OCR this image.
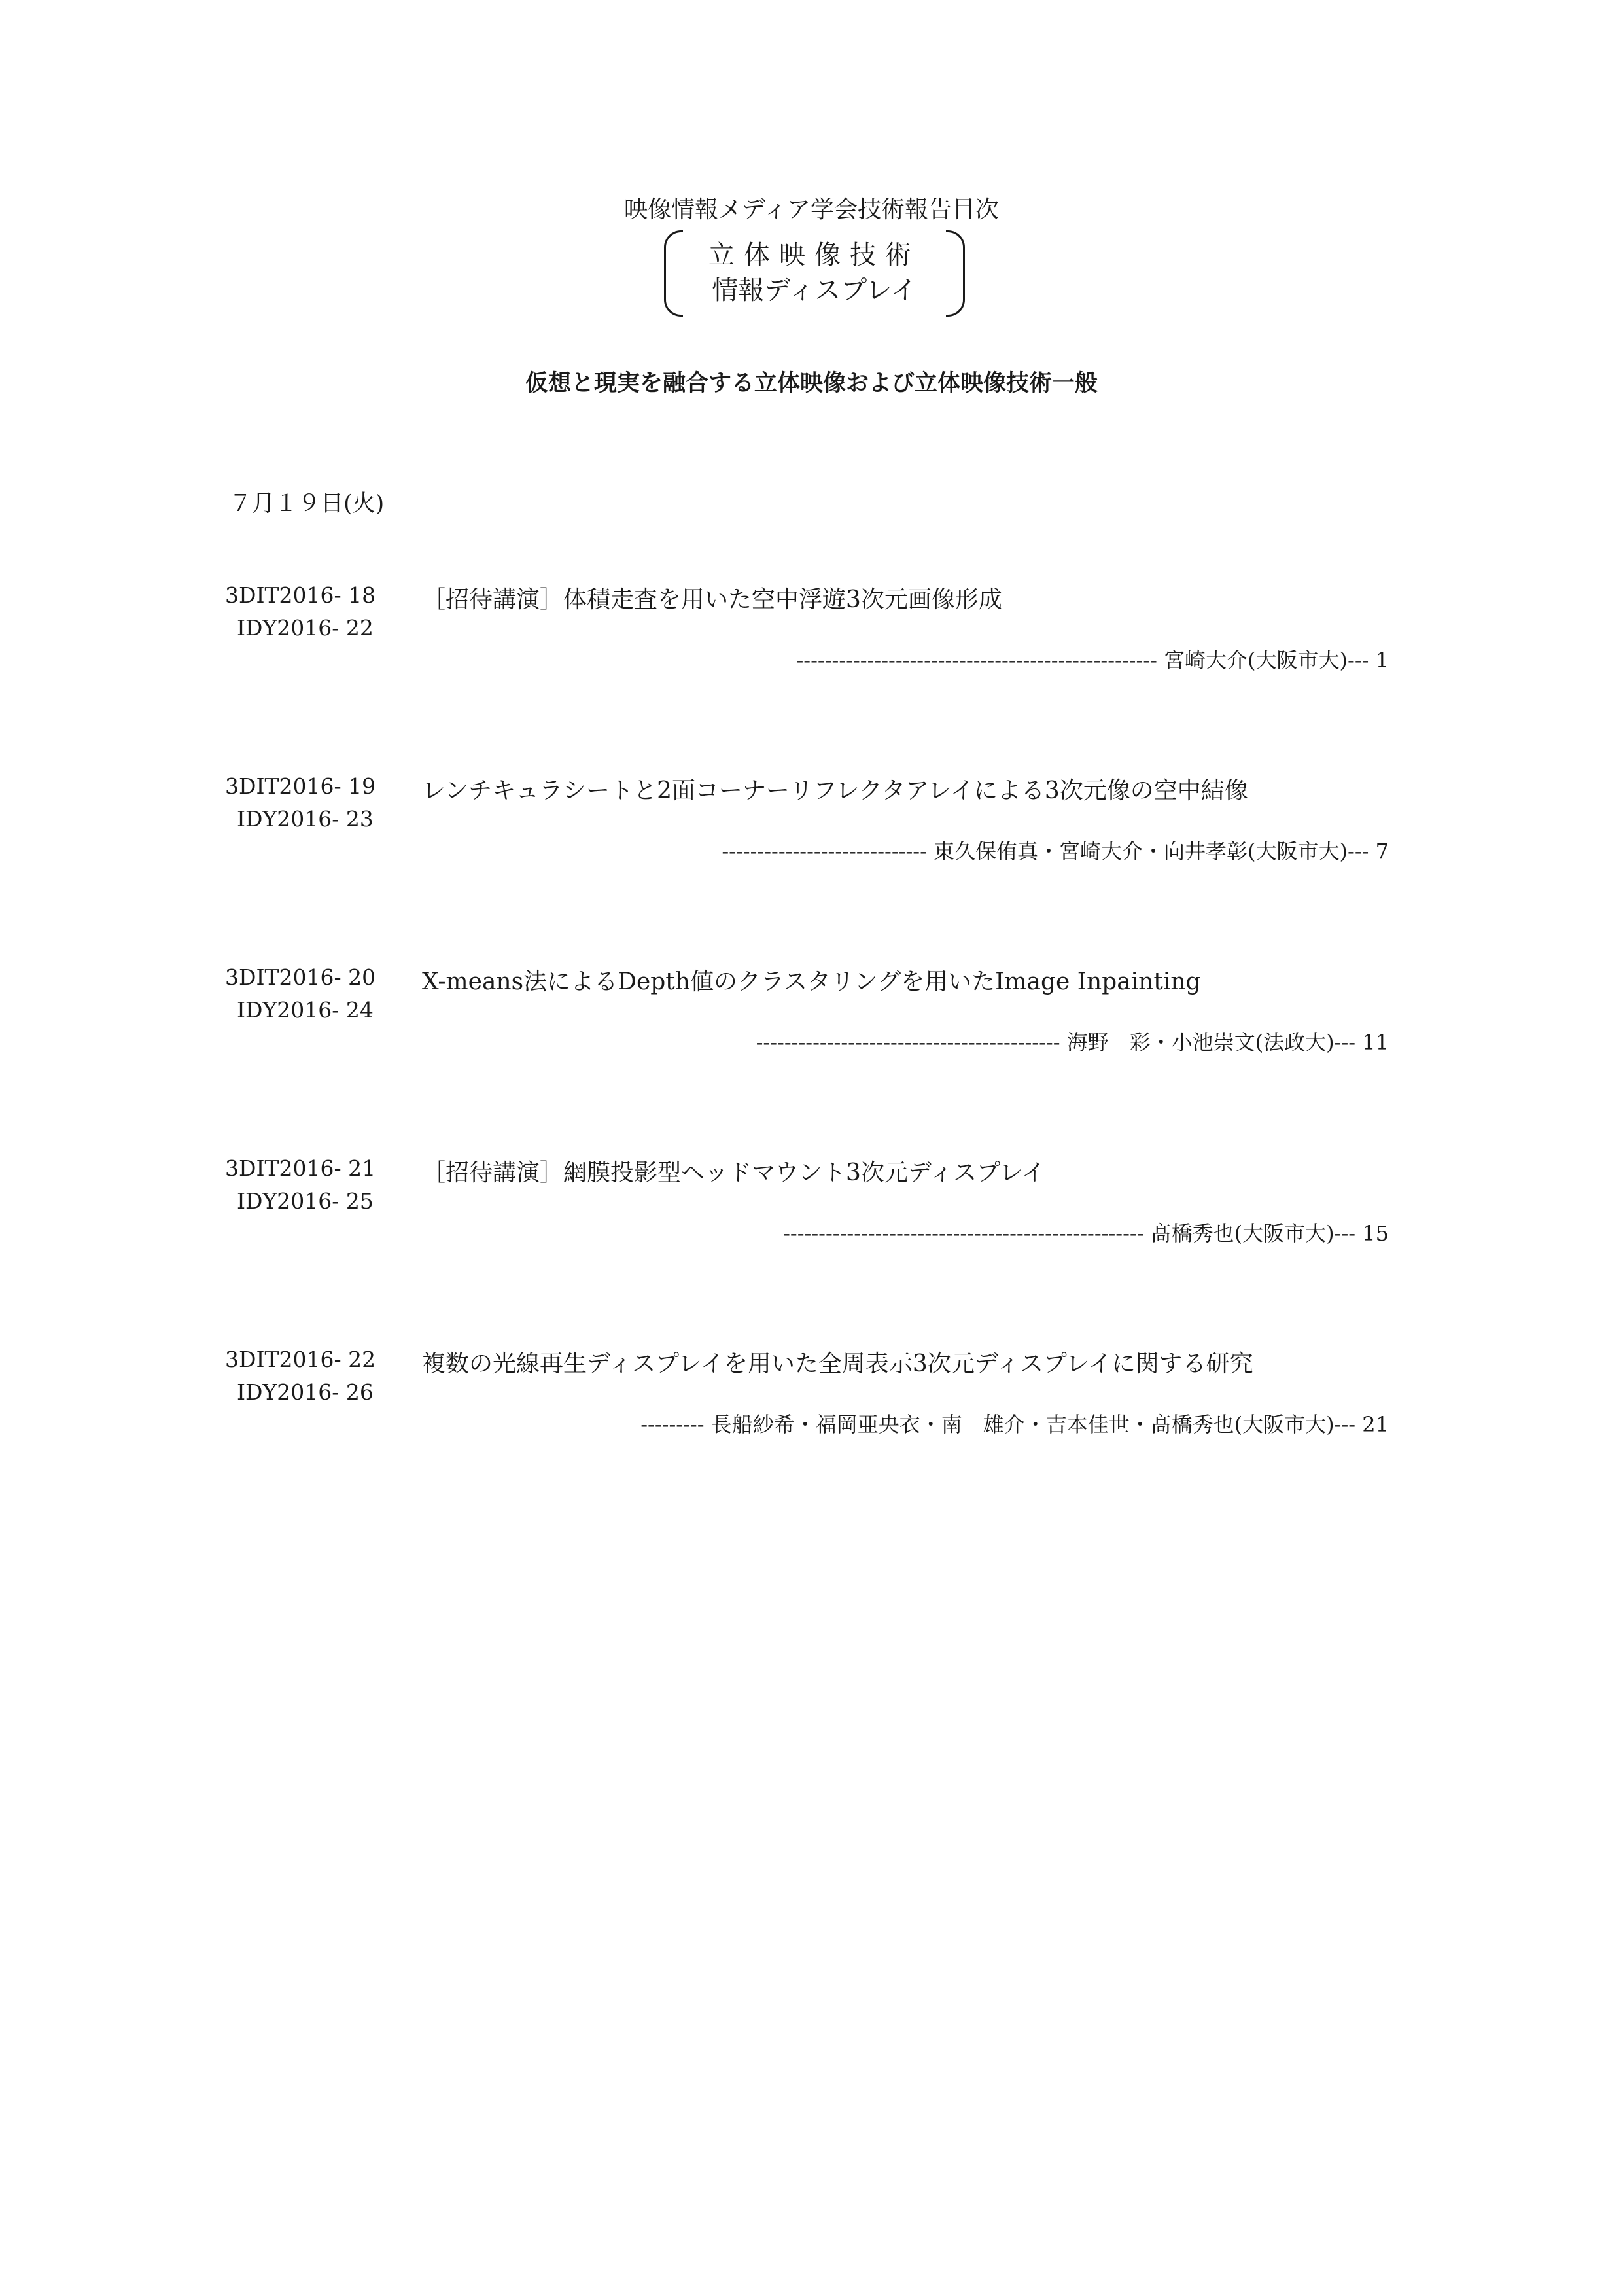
映像情報メディア学会技術報告目次
立体映像技術
情報ディスプレイ
仮想と現実を融合する立体映像および立体映像技術一般
７月１９日(火)
3DIT2016- 18
IDY2016- 22
［招待講演］体積走査を用いた空中浮遊3次元画像形成
--------------------------------------------------- 宮崎大介(大阪市大)--- 1
3DIT2016- 19
IDY2016- 23
レンチキュラシートと2面コーナーリフレクタアレイによる3次元像の空中結像
----------------------------- 東久保侑真・宮崎大介・向井孝彰(大阪市大)--- 7
3DIT2016- 20
IDY2016- 24
X-means法によるDepth値のクラスタリングを用いたImage Inpainting
------------------------------------------- 海野　彩・小池崇文(法政大)--- 11
3DIT2016- 21
IDY2016- 25
［招待講演］網膜投影型ヘッドマウント3次元ディスプレイ
--------------------------------------------------- 髙橋秀也(大阪市大)--- 15
3DIT2016- 22
IDY2016- 26
複数の光線再生ディスプレイを用いた全周表示3次元ディスプレイに関する研究
--------- 長船紗希・福岡亜央衣・南　雄介・吉本佳世・髙橋秀也(大阪市大)--- 21
